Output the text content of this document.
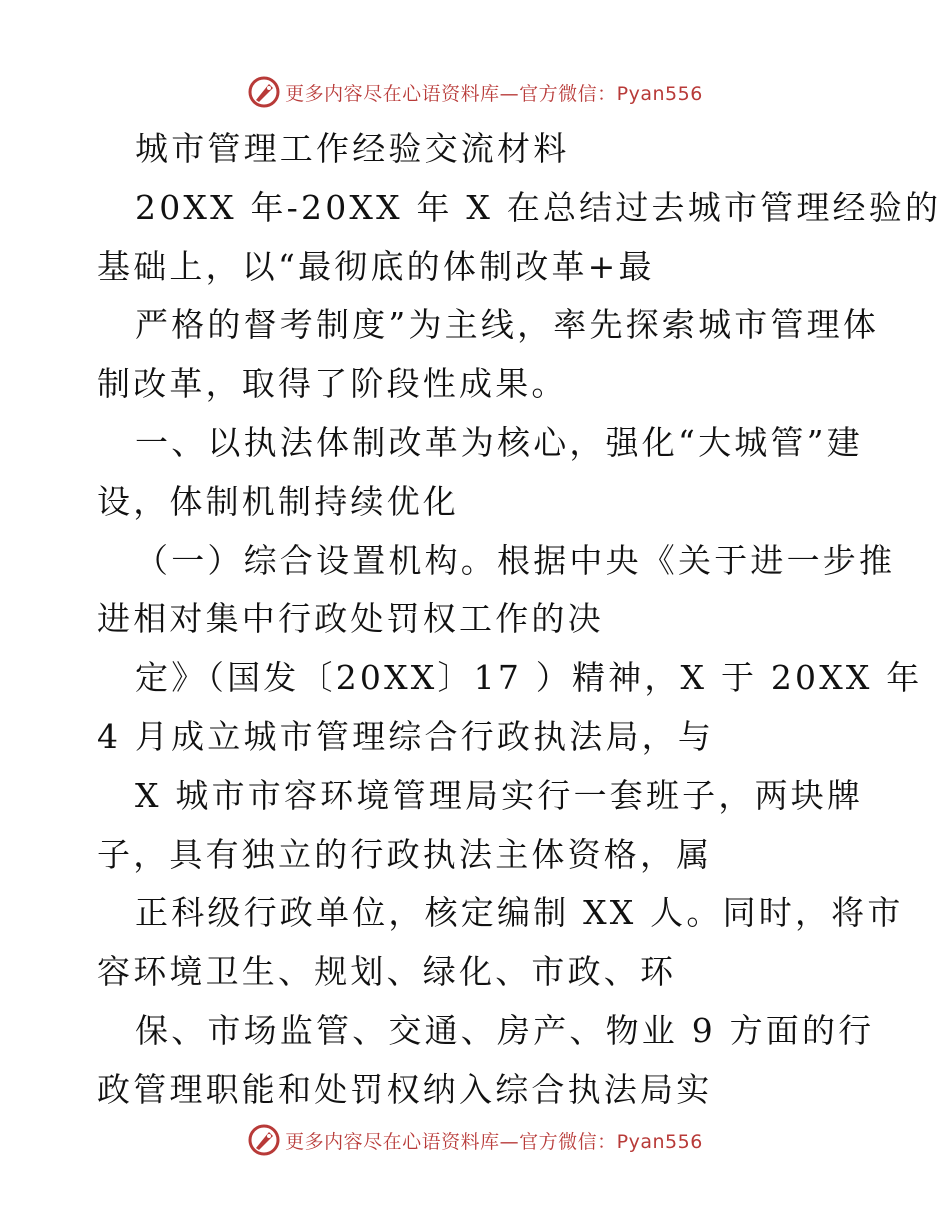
更多内容尽在心语资料库—官方微信：Pyan556
城市管理工作经验交流材料
20XX 年-20XX 年 X 在总结过去城市管理经验的
基础上，以“最彻底的体制改革+最
严格的督考制度”为主线，率先探索城市管理体
制改革，取得了阶段性成果。
一、以执法体制改革为核心，强化“大城管”建
设，体制机制持续优化
（一）综合设置机构。根据中央《关于进一步推
进相对集中行政处罚权工作的决
定》（国发〔20XX〕17 ）精神，X 于 20XX 年
4 月成立城市管理综合行政执法局，与
X 城市市容环境管理局实行一套班子，两块牌
子，具有独立的行政执法主体资格，属
正科级行政单位，核定编制 XX 人。同时，将市
容环境卫生、规划、绿化、市政、环
保、市场监管、交通、房产、物业 9 方面的行
政管理职能和处罚权纳入综合执法局实
更多内容尽在心语资料库—官方微信：Pyan556
